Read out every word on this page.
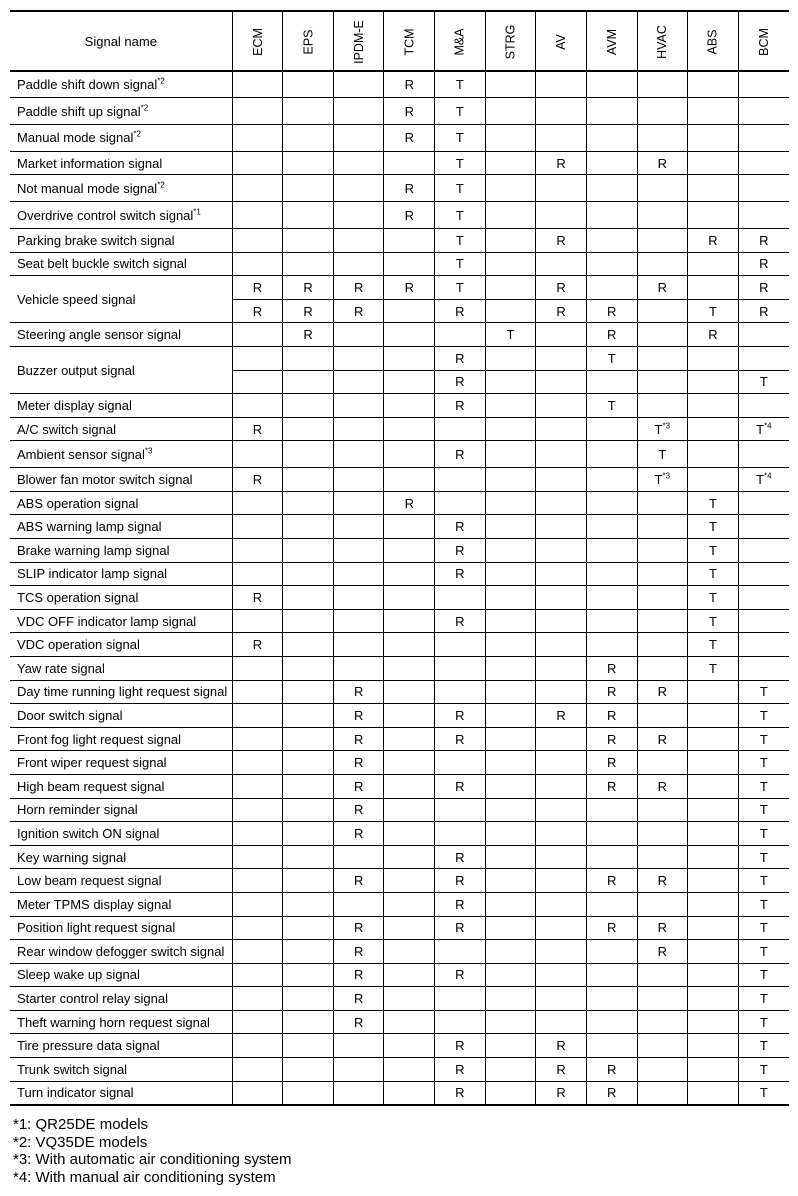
Signal name	ECM	EPS	IPDM-E	TCM	M&A	STRG	AV	AVM	HVAC	ABS	BCM
Paddle shift down signal$^{*2}$				R	T						
Paddle shift up signal$^{*2}$				R	T						
Manual mode signal$^{*2}$				R	T						
Market information signal					T		R		R		
Not manual mode signal$^{*2}$				R	T						
Overdrive control switch signal$^{*1}$				R	T						
Parking brake switch signal					T		R			R	R
Seat belt buckle switch signal					T						R
Vehicle speed signal	R	R	R	R	T		R		R		R
	R	R	R		R		R	R		T	R
Steering angle sensor signal		R				T		R		R	
Buzzer output signal					R			T			
					R						T
Meter display signal					R			T			
A/C switch signal	R								$T^{*3}$		$T^{*4}$
Ambient sensor signal$^{*3}$					R				T		
Blower fan motor switch signal	R								$T^{*3}$		$T^{*4}$
ABS operation signal				R						T	
ABS warning lamp signal					R					T	
Brake warning lamp signal					R					T	
SLIP indicator lamp signal					R					T	
TCS operation signal	R									T	
VDC OFF indicator lamp signal					R					T	
VDC operation signal	R									T	
Yaw rate signal								R		T	
Day time running light request signal			R					R	R		T
Door switch signal			R		R		R	R			T
Front fog light request signal			R		R			R	R		T
Front wiper request signal			R					R			T
High beam request signal			R		R			R	R		T
Horn reminder signal			R								T
Ignition switch ON signal			R								T
Key warning signal					R						T
Low beam request signal			R		R			R	R		T
Meter TPMS display signal					R						T
Position light request signal			R		R			R	R		T
Rear window defogger switch signal			R						R		T
Sleep wake up signal			R		R						T
Starter control relay signal			R								T
Theft warning horn request signal			R								T
Tire pressure data signal					R		R				T
Trunk switch signal					R		R	R			T
Turn indicator signal					R		R	R			T
*1: QR25DE models
*2: VQ35DE models
*3: With automatic air conditioning system
*4: With manual air conditioning system
